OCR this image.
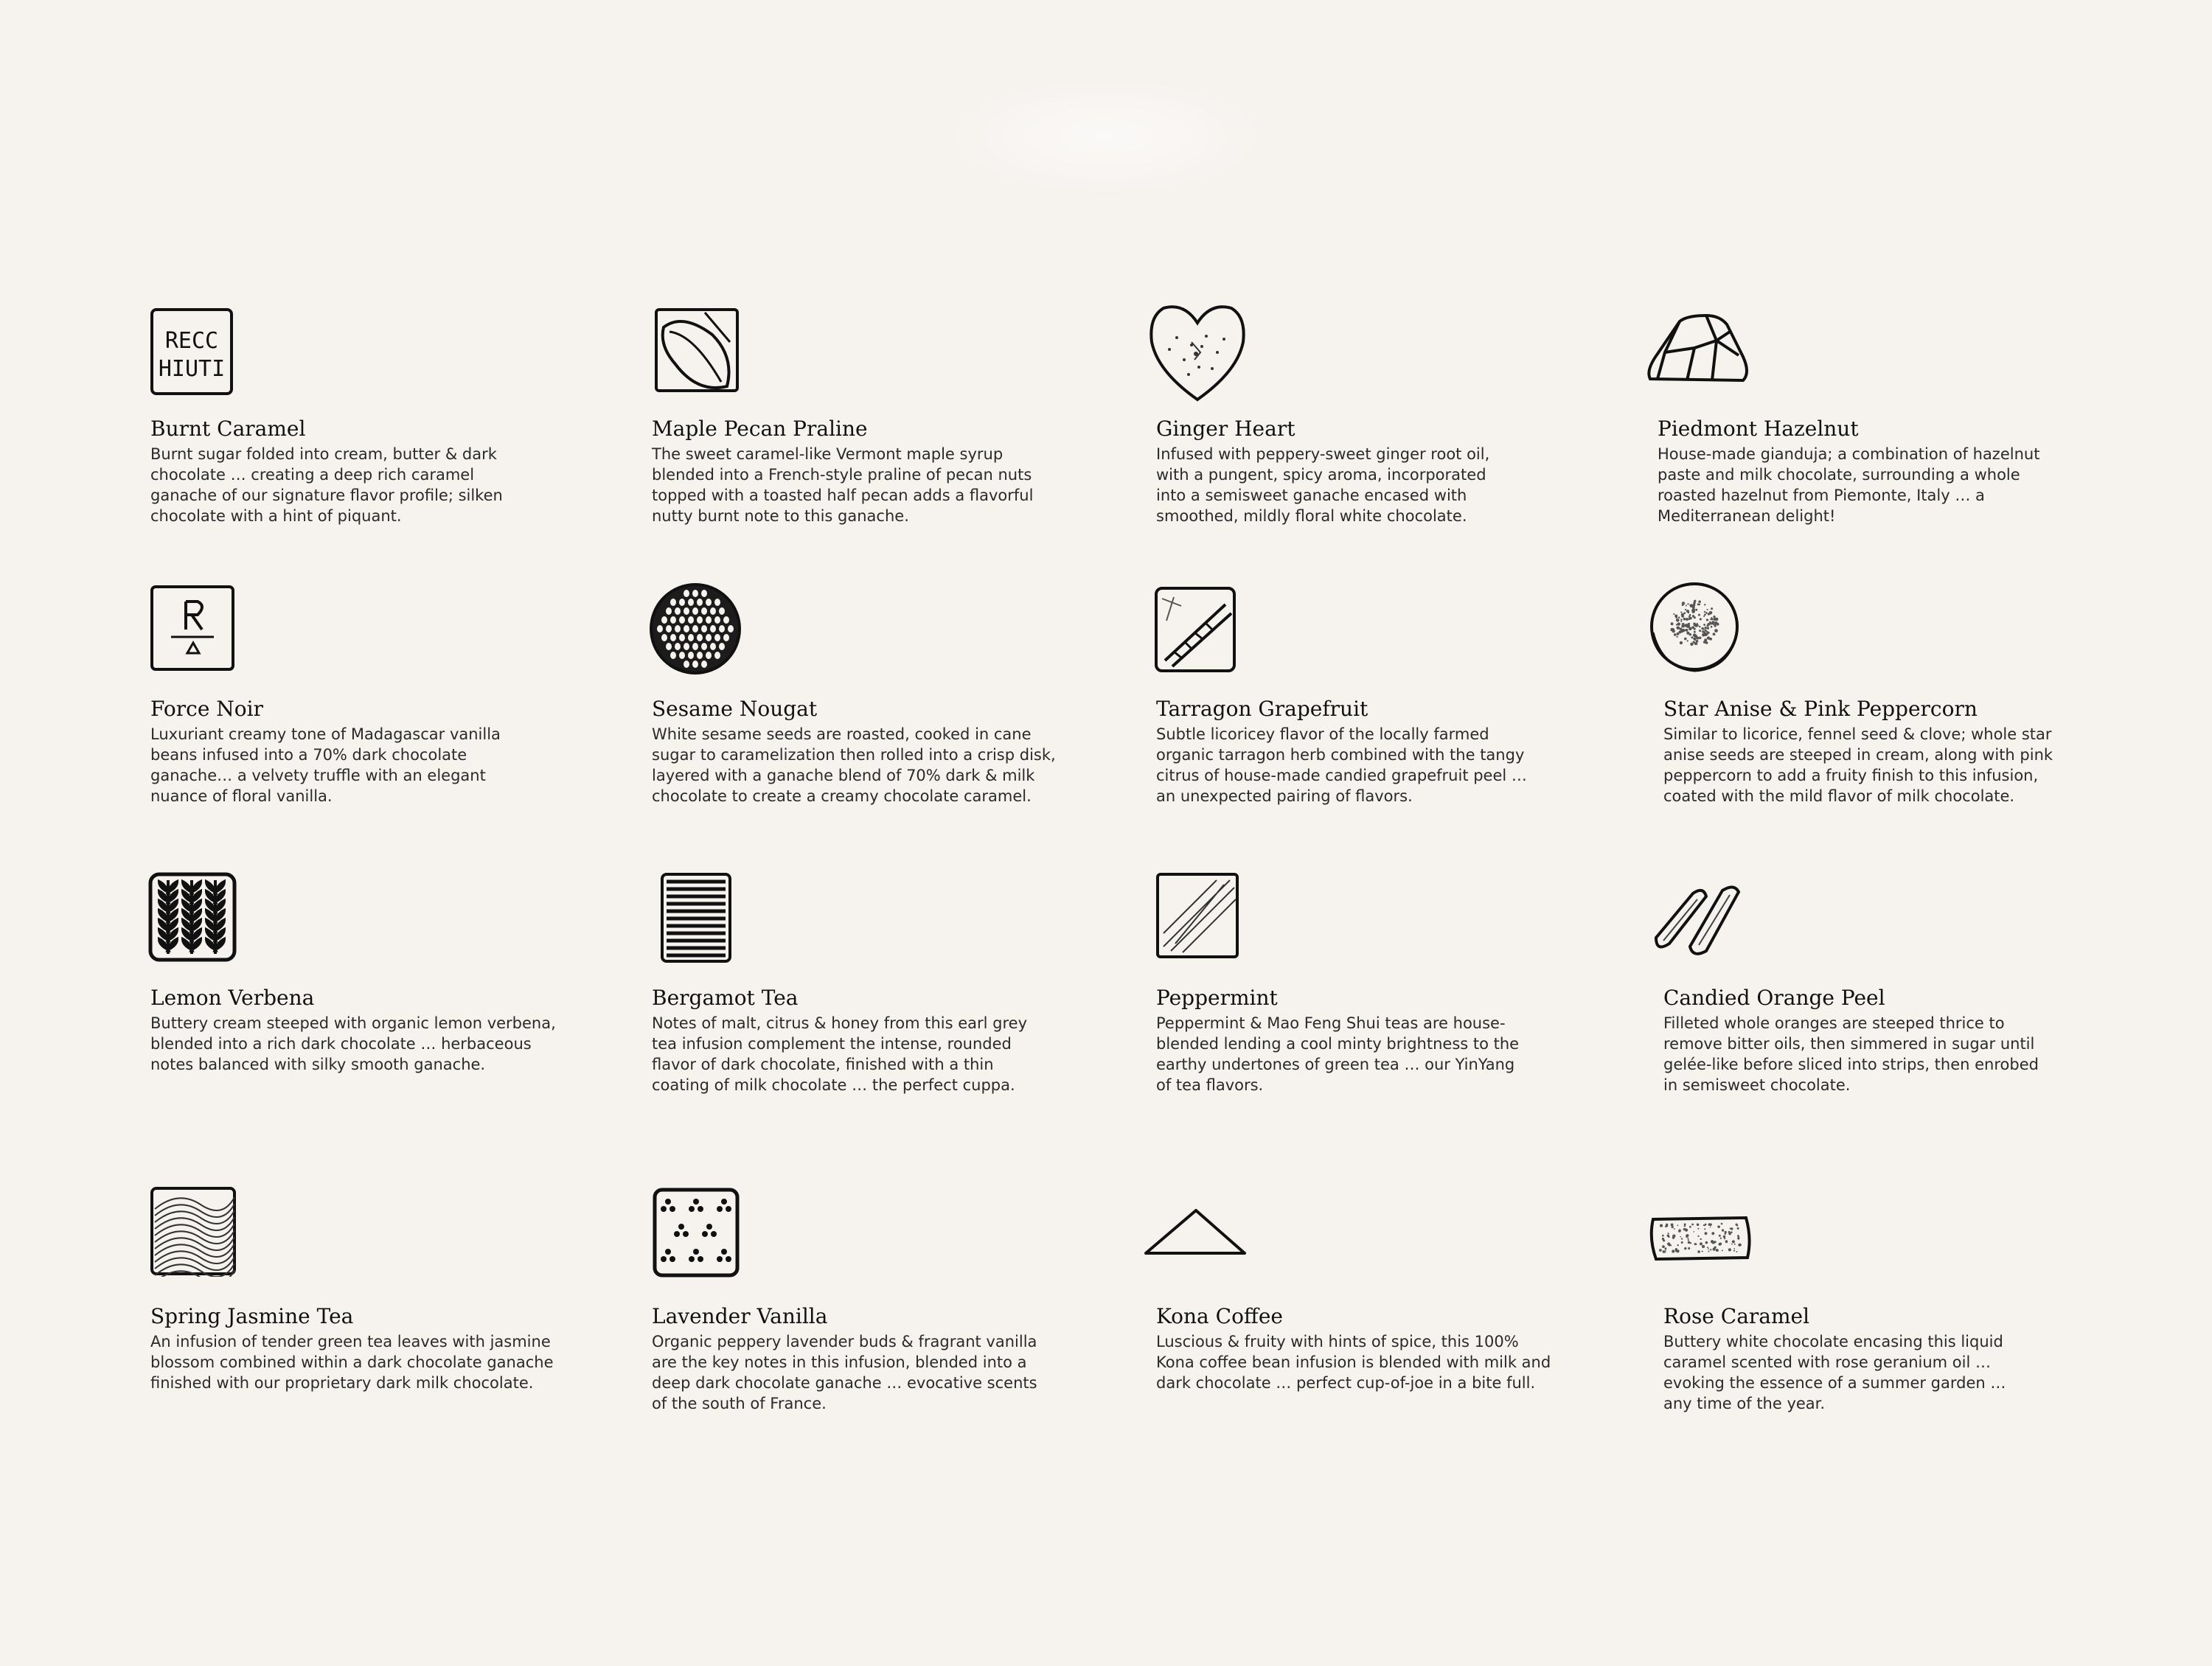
RECC
HIUTI
Burnt Caramel
Burnt sugar folded into cream, butter & dark
chocolate … creating a deep rich caramel
ganache of our signature flavor profile; silken
chocolate with a hint of piquant.
Maple Pecan Praline
The sweet caramel-like Vermont maple syrup
blended into a French-style praline of pecan nuts
topped with a toasted half pecan adds a flavorful
nutty burnt note to this ganache.
Ginger Heart
Infused with peppery-sweet ginger root oil,
with a pungent, spicy aroma, incorporated
into a semisweet ganache encased with
smoothed, mildly floral white chocolate.
Piedmont Hazelnut
House-made gianduja; a combination of hazelnut
paste and milk chocolate, surrounding a whole
roasted hazelnut from Piemonte, Italy … a
Mediterranean delight!
Force Noir
Luxuriant creamy tone of Madagascar vanilla
beans infused into a 70% dark chocolate
ganache… a velvety truffle with an elegant
nuance of floral vanilla.
Sesame Nougat
White sesame seeds are roasted, cooked in cane
sugar to caramelization then rolled into a crisp disk,
layered with a ganache blend of 70% dark & milk
chocolate to create a creamy chocolate caramel.
Tarragon Grapefruit
Subtle licoricey flavor of the locally farmed
organic tarragon herb combined with the tangy
citrus of house-made candied grapefruit peel …
an unexpected pairing of flavors.
Star Anise & Pink Peppercorn
Similar to licorice, fennel seed & clove; whole star
anise seeds are steeped in cream, along with pink
peppercorn to add a fruity finish to this infusion,
coated with the mild flavor of milk chocolate.
Lemon Verbena
Buttery cream steeped with organic lemon verbena,
blended into a rich dark chocolate … herbaceous
notes balanced with silky smooth ganache.
Bergamot Tea
Notes of malt, citrus & honey from this earl grey
tea infusion complement the intense, rounded
flavor of dark chocolate, finished with a thin
coating of milk chocolate … the perfect cuppa.
Peppermint
Peppermint & Mao Feng Shui teas are house-
blended lending a cool minty brightness to the
earthy undertones of green tea … our YinYang
of tea flavors.
Candied Orange Peel
Filleted whole oranges are steeped thrice to
remove bitter oils, then simmered in sugar until
gelée-like before sliced into strips, then enrobed
in semisweet chocolate.
Spring Jasmine Tea
An infusion of tender green tea leaves with jasmine
blossom combined within a dark chocolate ganache
finished with our proprietary dark milk chocolate.
Lavender Vanilla
Organic peppery lavender buds & fragrant vanilla
are the key notes in this infusion, blended into a
deep dark chocolate ganache … evocative scents
of the south of France.
Kona Coffee
Luscious & fruity with hints of spice, this 100%
Kona coffee bean infusion is blended with milk and
dark chocolate … perfect cup-of-joe in a bite full.
Rose Caramel
Buttery white chocolate encasing this liquid
caramel scented with rose geranium oil …
evoking the essence of a summer garden …
any time of the year.
